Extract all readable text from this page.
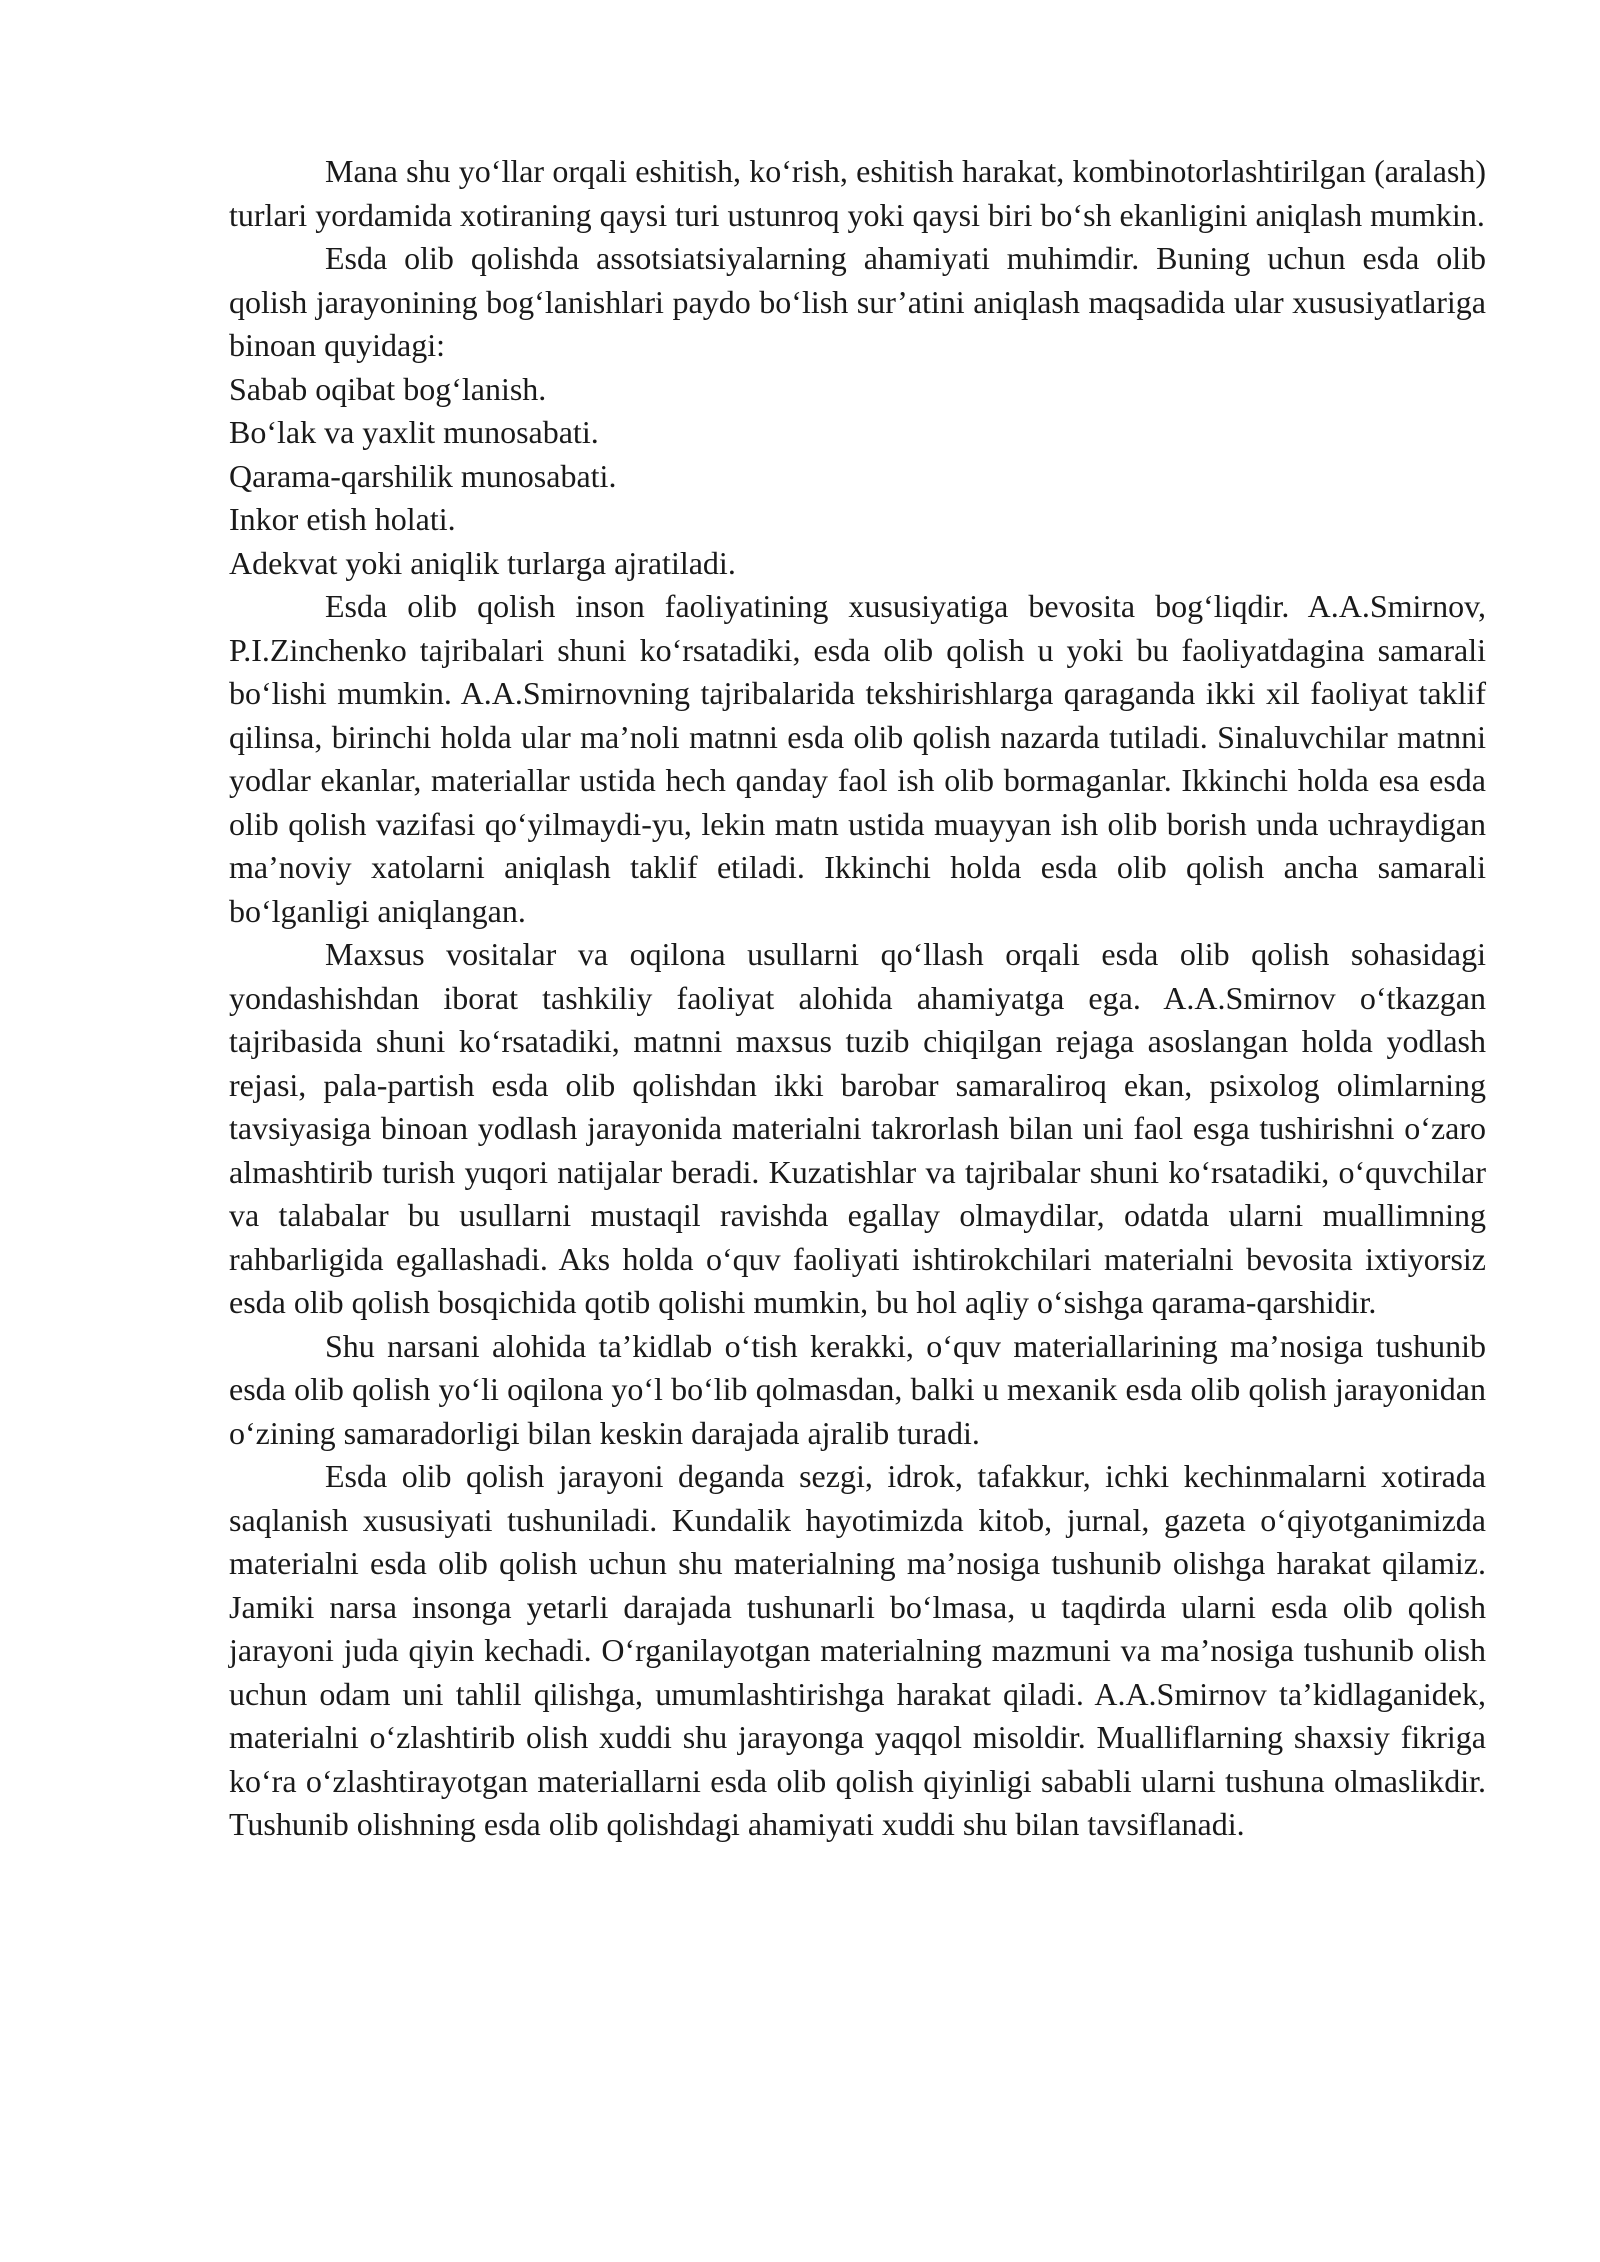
Mana shu yo‘llar orqali eshitish, ko‘rish, eshitish harakat, kombinotorlashtirilgan (aralash) turlari yordamida xotiraning qaysi turi ustunroq yoki qaysi biri bo‘sh ekanligini aniqlash mumkin.

Esda olib qolishda assotsiatsiyalarning ahamiyati muhimdir. Buning uchun esda olib qolish jarayonining bog‘lanishlari paydo bo‘lish sur’atini aniqlash maqsadida ular xususiyatlariga binoan quyidagi:

Sabab oqibat bog‘lanish.

Bo‘lak va yaxlit munosabati.

Qarama-qarshilik munosabati.

Inkor etish holati.

Adekvat yoki aniqlik turlarga ajratiladi.

Esda olib qolish inson faoliyatining xususiyatiga bevosita bog‘liqdir. A.A.Smirnov, P.I.Zinchenko tajribalari shuni ko‘rsatadiki, esda olib qolish u yoki bu faoliyatdagina samarali bo‘lishi mumkin. A.A.Smirnovning tajribalarida tekshirishlarga qaraganda ikki xil faoliyat taklif qilinsa, birinchi holda ular ma’noli matnni esda olib qolish nazarda tutiladi. Sinaluvchilar matnni yodlar ekanlar, materiallar ustida hech qanday faol ish olib bormaganlar. Ikkinchi holda esa esda olib qolish vazifasi qo‘yilmaydi-yu, lekin matn ustida muayyan ish olib borish unda uchraydigan ma’noviy xatolarni aniqlash taklif etiladi. Ikkinchi holda esda olib qolish ancha samarali bo‘lganligi aniqlangan.

Maxsus vositalar va oqilona usullarni qo‘llash orqali esda olib qolish sohasidagi yondashishdan iborat tashkiliy faoliyat alohida ahamiyatga ega. A.A.Smirnov o‘tkazgan tajribasida shuni ko‘rsatadiki, matnni maxsus tuzib chiqilgan rejaga asoslangan holda yodlash rejasi, pala-partish esda olib qolishdan ikki barobar samaraliroq ekan, psixolog olimlarning tavsiyasiga binoan yodlash jarayonida materialni takrorlash bilan uni faol esga tushirishni o‘zaro almashtirib turish yuqori natijalar beradi. Kuzatishlar va tajribalar shuni ko‘rsatadiki, o‘quvchilar va talabalar bu usullarni mustaqil ravishda egallay olmaydilar, odatda ularni muallimning rahbarligida egallashadi. Aks holda o‘quv faoliyati ishtirokchilari materialni bevosita ixtiyorsiz esda olib qolish bosqichida qotib qolishi mumkin, bu hol aqliy o‘sishga qarama-qarshidir.

Shu narsani alohida ta’kidlab o‘tish kerakki, o‘quv materiallarining ma’nosiga tushunib esda olib qolish yo‘li oqilona yo‘l bo‘lib qolmasdan, balki u mexanik esda olib qolish jarayonidan o‘zining samaradorligi bilan keskin darajada ajralib turadi.

Esda olib qolish jarayoni deganda sezgi, idrok, tafakkur, ichki kechinmalarni xotirada saqlanish xususiyati tushuniladi. Kundalik hayotimizda kitob, jurnal, gazeta o‘qiyotganimizda materialni esda olib qolish uchun shu materialning ma’nosiga tushunib olishga harakat qilamiz. Jamiki narsa insonga yetarli darajada tushunarli bo‘lmasa, u taqdirda ularni esda olib qolish jarayoni juda qiyin kechadi. O‘rganilayotgan materialning mazmuni va ma’nosiga tushunib olish uchun odam uni tahlil qilishga, umumlashtirishga harakat qiladi. A.A.Smirnov ta’kidlaganidek, materialni o‘zlashtirib olish xuddi shu jarayonga yaqqol misoldir. Mualliflarning shaxsiy fikriga ko‘ra o‘zlashtirayotgan materiallarni esda olib qolish qiyinligi sababli ularni tushuna olmaslikdir. Tushunib olishning esda olib qolishdagi ahamiyati xuddi shu bilan tavsiflanadi.
